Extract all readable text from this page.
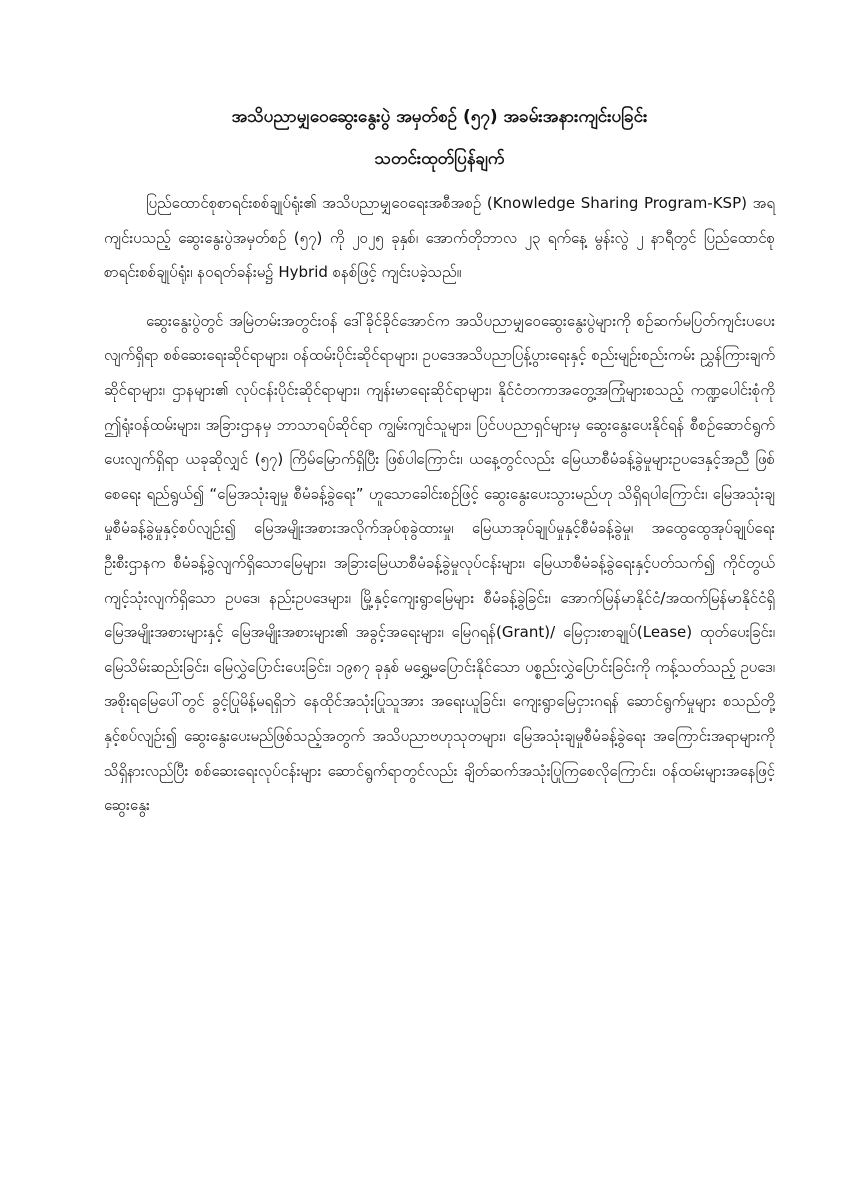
အသိပညာမျှဝေဆွေးနွေးပွဲ အမှတ်စဉ် (၅၇) အခမ်းအနားကျင်းပခြင်း

သတင်းထုတ်ပြန်ချက်

ပြည်ထောင်စုစာရင်းစစ်ချုပ်ရုံး၏ အသိပညာမျှဝေရေးအစီအစဉ် (Knowledge Sharing Program-KSP) အရ ကျင်းပသည့် ဆွေးနွေးပွဲအမှတ်စဉ် (၅၇) ကို ၂၀၂၅ ခုနှစ်၊ အောက်တိုဘာလ ၂၃ ရက်နေ့ မွန်းလွဲ ၂ နာရီတွင် ပြည်ထောင်စုစာရင်းစစ်ချုပ်ရုံး၊ နဝရတ်ခန်းမ၌ Hybrid စနစ်ဖြင့် ကျင်းပခဲ့သည်။

ဆွေးနွေးပွဲတွင် အမြဲတမ်းအတွင်းဝန် ဒေါ်ခိုင်ခိုင်အောင်က အသိပညာမျှဝေဆွေးနွေးပွဲများကို စဉ်ဆက်မပြတ်ကျင်းပပေးလျက်ရှိရာ စစ်ဆေးရေးဆိုင်ရာများ၊ ဝန်ထမ်းပိုင်းဆိုင်ရာများ၊ ဥပဒေအသိပညာပြန့်ပွားရေးနှင့် စည်းမျဉ်းစည်းကမ်း ညွှန်ကြားချက်ဆိုင်ရာများ၊ ဌာနများ၏ လုပ်ငန်းပိုင်းဆိုင်ရာများ၊ ကျန်းမာရေးဆိုင်ရာများ၊ နိုင်ငံတကာအတွေ့အကြုံများစသည့် ကဏ္ဍပေါင်းစုံကို ဤရုံးဝန်ထမ်းများ၊ အခြားဌာနမှ ဘာသာရပ်ဆိုင်ရာ ကျွမ်းကျင်သူများ၊ ပြင်ပပညာရှင်များမှ ဆွေးနွေးပေးနိုင်ရန် စီစဉ်ဆောင်ရွက်ပေးလျက်ရှိရာ ယခုဆိုလျှင် (၅၇) ကြိမ်မြောက်ရှိပြီး ဖြစ်ပါကြောင်း၊ ယနေ့တွင်လည်း မြေယာစီမံခန့်ခွဲမှုများဥပဒေနှင့်အညီ ဖြစ်စေရေး ရည်ရွယ်၍ “မြေအသုံးချမှု စီမံခန့်ခွဲရေး” ဟူသောခေါင်းစဉ်ဖြင့် ဆွေးနွေးပေးသွားမည်ဟု သိရှိရပါကြောင်း၊ မြေအသုံးချမှုစီမံခန့်ခွဲမှုနှင့်စပ်လျဉ်း၍ မြေအမျိုးအစားအလိုက်အုပ်စုခွဲထားမှု၊ မြေယာအုပ်ချုပ်မှုနှင့်စီမံခန့်ခွဲမှု၊ အထွေထွေအုပ်ချုပ်ရေးဦးစီးဌာနက စီမံခန့်ခွဲလျက်ရှိသောမြေများ၊ အခြားမြေယာစီမံခန့်ခွဲမှုလုပ်ငန်းများ၊ မြေယာစီမံခန့်ခွဲရေးနှင့်ပတ်သက်၍ ကိုင်တွယ်ကျင့်သုံးလျက်ရှိသော ဥပဒေ၊ နည်းဥပဒေများ၊ မြို့နှင့်ကျေးရွာမြေများ စီမံခန့်ခွဲခြင်း၊ အောက်မြန်မာနိုင်ငံ/အထက်မြန်မာနိုင်ငံရှိ မြေအမျိုးအစားများနှင့် မြေအမျိုးအစားများ၏ အခွင့်အရေးများ၊ မြေဂရန်(Grant)/ မြေငှားစာချုပ်(Lease) ထုတ်ပေးခြင်း၊ မြေသိမ်းဆည်းခြင်း၊ မြေလွှဲပြောင်းပေးခြင်း၊ ၁၉၈၇ ခုနှစ် မရွှေ့မပြောင်းနိုင်သော ပစ္စည်းလွှဲပြောင်းခြင်းကို ကန့်သတ်သည့် ဥပဒေ၊ အစိုးရမြေပေါ်တွင် ခွင့်ပြုမိန့်မရရှိဘဲ နေထိုင်အသုံးပြုသူအား အရေးယူခြင်း၊ ကျေးရွာမြေငှားဂရန် ဆောင်ရွက်မှုများ စသည်တို့နှင့်စပ်လျဉ်း၍ ဆွေးနွေးပေးမည်ဖြစ်သည့်အတွက် အသိပညာဗဟုသုတများ၊ မြေအသုံးချမှုစီမံခန့်ခွဲရေး အကြောင်းအရာများကို သိရှိနားလည်ပြီး စစ်ဆေးရေးလုပ်ငန်းများ ဆောင်ရွက်ရာတွင်လည်း ချိတ်ဆက်အသုံးပြုကြစေလိုကြောင်း၊ ဝန်ထမ်းများအနေဖြင့် ဆွေးနွေး
